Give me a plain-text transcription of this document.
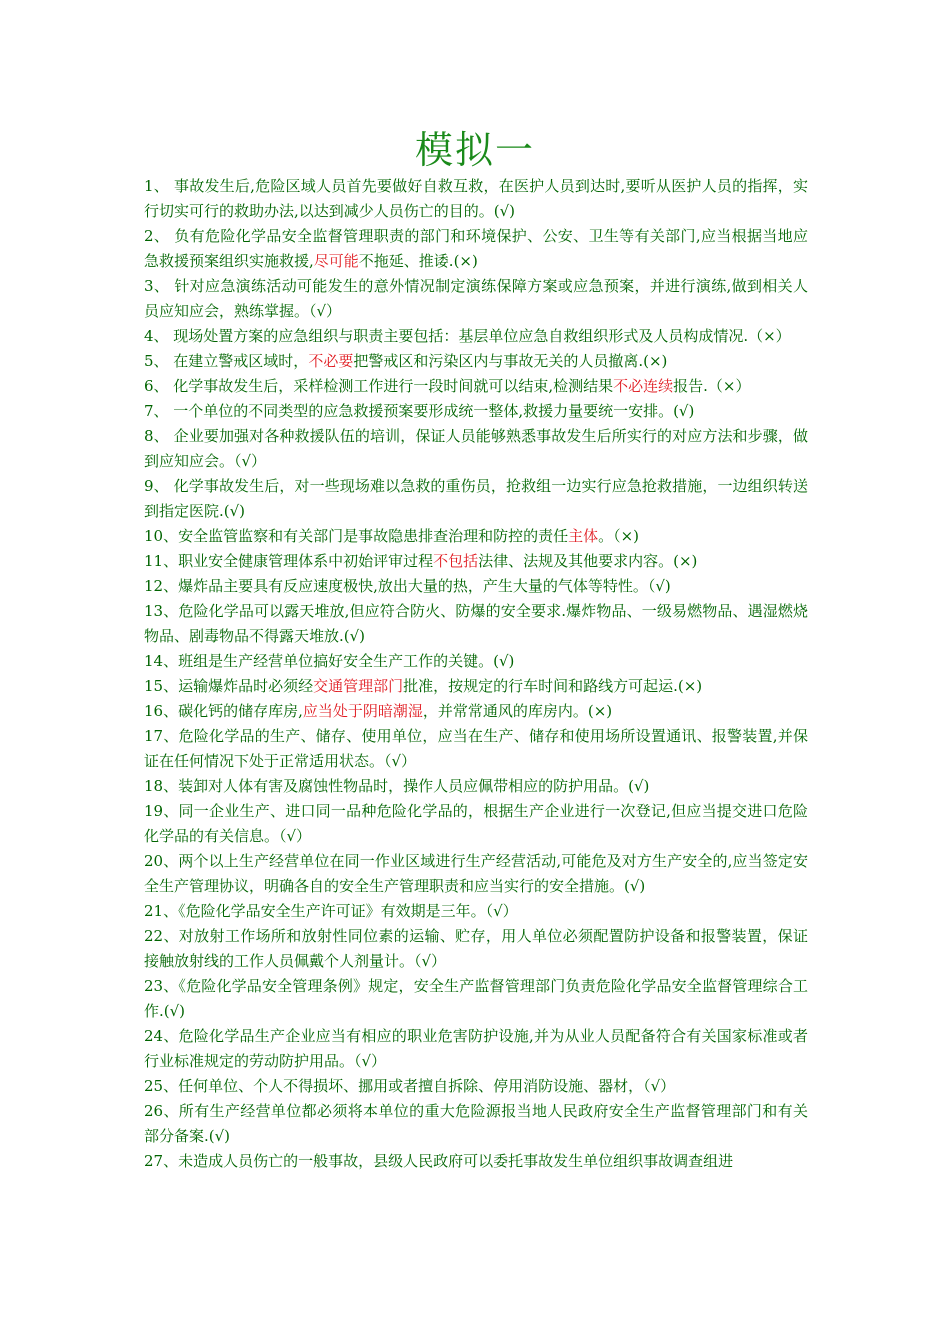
模拟一
1、 事故发生后,危险区域人员首先要做好自救互救，在医护人员到达时,要听从医护人员的指挥，实行切实可行的救助办法,以达到减少人员伤亡的目的。(√)
2、 负有危险化学品安全监督管理职责的部门和环境保护、公安、卫生等有关部门,应当根据当地应急救援预案组织实施救援,尽可能不拖延、推诿.(×)
3、 针对应急演练活动可能发生的意外情况制定演练保障方案或应急预案，并进行演练,做到相关人员应知应会，熟练掌握。（√）
4、 现场处置方案的应急组织与职责主要包括：基层单位应急自救组织形式及人员构成情况.（×）
5、 在建立警戒区域时，不必要把警戒区和污染区内与事故无关的人员撤离.(×)
6、 化学事故发生后，采样检测工作进行一段时间就可以结束,检测结果不必连续报告.（×）
7、 一个单位的不同类型的应急救援预案要形成统一整体,救援力量要统一安排。(√)
8、 企业要加强对各种救援队伍的培训，保证人员能够熟悉事故发生后所实行的对应方法和步骤，做到应知应会。（√）
9、 化学事故发生后，对一些现场难以急救的重伤员，抢救组一边实行应急抢救措施，一边组织转送到指定医院.(√)
10、安全监管监察和有关部门是事故隐患排查治理和防控的责任主体。（×)
11、职业安全健康管理体系中初始评审过程不包括法律、法规及其他要求内容。(×)
12、爆炸品主要具有反应速度极快,放出大量的热，产生大量的气体等特性。（√)
13、危险化学品可以露天堆放,但应符合防火、防爆的安全要求.爆炸物品、一级易燃物品、遇湿燃烧物品、剧毒物品不得露天堆放.(√)
14、班组是生产经营单位搞好安全生产工作的关键。(√)
15、运输爆炸品时必须经交通管理部门批准，按规定的行车时间和路线方可起运.(×)
16、碳化钙的储存库房,应当处于阴暗潮湿，并常常通风的库房内。(×)
17、危险化学品的生产、储存、使用单位，应当在生产、储存和使用场所设置通讯、报警装置,并保证在任何情况下处于正常适用状态。（√）
18、装卸对人体有害及腐蚀性物品时，操作人员应佩带相应的防护用品。(√)
19、同一企业生产、进口同一品种危险化学品的，根据生产企业进行一次登记,但应当提交进口危险化学品的有关信息。（√）
20、两个以上生产经营单位在同一作业区域进行生产经营活动,可能危及对方生产安全的,应当签定安全生产管理协议，明确各自的安全生产管理职责和应当实行的安全措施。(√)
21、《危险化学品安全生产许可证》有效期是三年。（√）
22、对放射工作场所和放射性同位素的运输、贮存，用人单位必须配置防护设备和报警装置，保证接触放射线的工作人员佩戴个人剂量计。（√）
23、《危险化学品安全管理条例》规定，安全生产监督管理部门负责危险化学品安全监督管理综合工作.(√)
24、危险化学品生产企业应当有相应的职业危害防护设施,并为从业人员配备符合有关国家标准或者行业标准规定的劳动防护用品。（√）
25、任何单位、个人不得损坏、挪用或者擅自拆除、停用消防设施、器材，（√）
26、所有生产经营单位都必须将本单位的重大危险源报当地人民政府安全生产监督管理部门和有关部分备案.(√)
27、未造成人员伤亡的一般事故，县级人民政府可以委托事故发生单位组织事故调查组进
